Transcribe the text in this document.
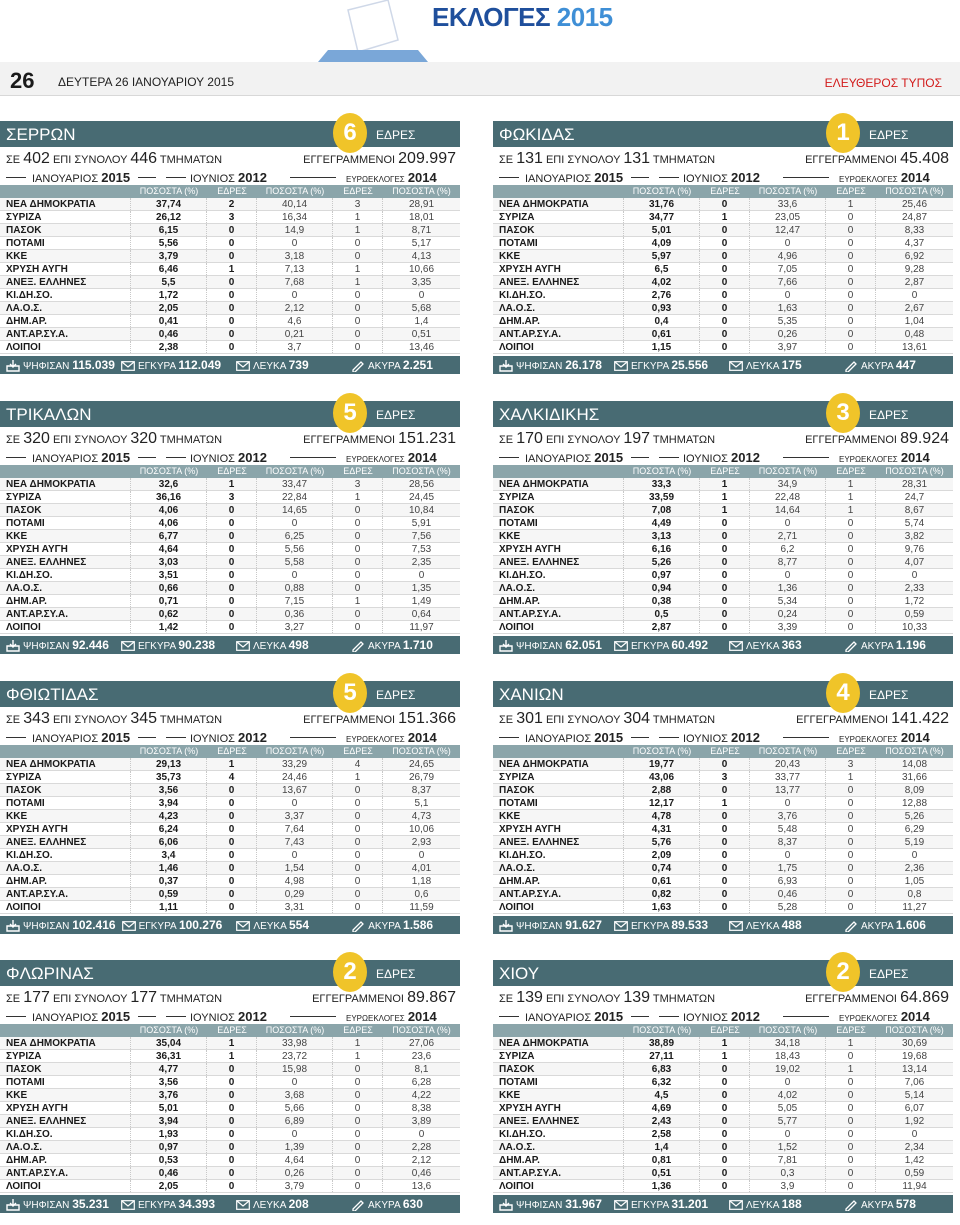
ΕΚΛΟΓΕΣ 2015
26 ΔΕΥΤΕΡΑ 26 ΙΑΝΟΥΑΡΙΟΥ 2015	ΕΛΕΥΘΕΡΟΣ ΤΥΠΟΣ
ΣΕΡΡΩΝ	6	ΕΔΡΕΣ
ΣΕ 402 ΕΠΙ ΣΥΝΟΛΟΥ 446 ΤΜΗΜΑΤΩΝ	ΕΓΓΕΓΡΑΜΜΕΝΟΙ 209.997
ΙΑΝΟΥΑΡΙΟΣ 2015	ΙΟΥΝΙΟΣ 2012	ΕΥΡΩΕΚΛΟΓΕΣ 2014
ΠΟΣΟΣΤΑ (%)	ΕΔΡΕΣ	ΠΟΣΟΣΤΑ (%)	ΕΔΡΕΣ	ΠΟΣΟΣΤΑ (%)
ΝΕΑ ΔΗΜΟΚΡΑΤΙΑ	37,74	2	40,14	3	28,91
ΣΥΡΙΖΑ	26,12	3	16,34	1	18,01
ΠΑΣΟΚ	6,15	0	14,9	1	8,71
ΠΟΤΑΜΙ	5,56	0	0	0	5,17
ΚΚΕ	3,79	0	3,18	0	4,13
ΧΡΥΣΗ ΑΥΓΗ	6,46	1	7,13	1	10,66
ΑΝΕΞ. ΕΛΛΗΝΕΣ	5,5	0	7,68	1	3,35
ΚΙ.ΔΗ.ΣΟ.	1,72	0	0	0	0
ΛΑ.Ο.Σ.	2,05	0	2,12	0	5,68
ΔΗΜ.ΑΡ.	0,41	0	4,6	0	1,4
ΑΝΤ.ΑΡ.ΣΥ.Α.	0,46	0	0,21	0	0,51
ΛΟΙΠΟΙ	2,38	0	3,7	0	13,46
ΨΗΦΙΣΑΝ 115.039	ΕΓΚΥΡΑ 112.049	ΛΕΥΚΑ 739	ΑΚΥΡΑ 2.251
ΦΩΚΙΔΑΣ	1	ΕΔΡΕΣ
ΣΕ 131 ΕΠΙ ΣΥΝΟΛΟΥ 131 ΤΜΗΜΑΤΩΝ	ΕΓΓΕΓΡΑΜΜΕΝΟΙ 45.408
ΙΑΝΟΥΑΡΙΟΣ 2015	ΙΟΥΝΙΟΣ 2012	ΕΥΡΩΕΚΛΟΓΕΣ 2014
ΠΟΣΟΣΤΑ (%)	ΕΔΡΕΣ	ΠΟΣΟΣΤΑ (%)	ΕΔΡΕΣ	ΠΟΣΟΣΤΑ (%)
ΝΕΑ ΔΗΜΟΚΡΑΤΙΑ	31,76	0	33,6	1	25,46
ΣΥΡΙΖΑ	34,77	1	23,05	0	24,87
ΠΑΣΟΚ	5,01	0	12,47	0	8,33
ΠΟΤΑΜΙ	4,09	0	0	0	4,37
ΚΚΕ	5,97	0	4,96	0	6,92
ΧΡΥΣΗ ΑΥΓΗ	6,5	0	7,05	0	9,28
ΑΝΕΞ. ΕΛΛΗΝΕΣ	4,02	0	7,66	0	2,87
ΚΙ.ΔΗ.ΣΟ.	2,76	0	0	0	0
ΛΑ.Ο.Σ.	0,93	0	1,63	0	2,67
ΔΗΜ.ΑΡ.	0,4	0	5,35	0	1,04
ΑΝΤ.ΑΡ.ΣΥ.Α.	0,61	0	0,26	0	0,48
ΛΟΙΠΟΙ	1,15	0	3,97	0	13,61
ΨΗΦΙΣΑΝ 26.178	ΕΓΚΥΡΑ 25.556	ΛΕΥΚΑ 175	ΑΚΥΡΑ 447
ΤΡΙΚΑΛΩΝ	5	ΕΔΡΕΣ
ΣΕ 320 ΕΠΙ ΣΥΝΟΛΟΥ 320 ΤΜΗΜΑΤΩΝ	ΕΓΓΕΓΡΑΜΜΕΝΟΙ 151.231
ΙΑΝΟΥΑΡΙΟΣ 2015	ΙΟΥΝΙΟΣ 2012	ΕΥΡΩΕΚΛΟΓΕΣ 2014
ΠΟΣΟΣΤΑ (%)	ΕΔΡΕΣ	ΠΟΣΟΣΤΑ (%)	ΕΔΡΕΣ	ΠΟΣΟΣΤΑ (%)
ΝΕΑ ΔΗΜΟΚΡΑΤΙΑ	32,6	1	33,47	3	28,56
ΣΥΡΙΖΑ	36,16	3	22,84	1	24,45
ΠΑΣΟΚ	4,06	0	14,65	0	10,84
ΠΟΤΑΜΙ	4,06	0	0	0	5,91
ΚΚΕ	6,77	0	6,25	0	7,56
ΧΡΥΣΗ ΑΥΓΗ	4,64	0	5,56	0	7,53
ΑΝΕΞ. ΕΛΛΗΝΕΣ	3,03	0	5,58	0	2,35
ΚΙ.ΔΗ.ΣΟ.	3,51	0	0	0	0
ΛΑ.Ο.Σ.	0,66	0	0,88	0	1,35
ΔΗΜ.ΑΡ.	0,71	0	7,15	1	1,49
ΑΝΤ.ΑΡ.ΣΥ.Α.	0,62	0	0,36	0	0,64
ΛΟΙΠΟΙ	1,42	0	3,27	0	11,97
ΨΗΦΙΣΑΝ 92.446	ΕΓΚΥΡΑ 90.238	ΛΕΥΚΑ 498	ΑΚΥΡΑ 1.710
ΧΑΛΚΙΔΙΚΗΣ	3	ΕΔΡΕΣ
ΣΕ 170 ΕΠΙ ΣΥΝΟΛΟΥ 197 ΤΜΗΜΑΤΩΝ	ΕΓΓΕΓΡΑΜΜΕΝΟΙ 89.924
ΙΑΝΟΥΑΡΙΟΣ 2015	ΙΟΥΝΙΟΣ 2012	ΕΥΡΩΕΚΛΟΓΕΣ 2014
ΠΟΣΟΣΤΑ (%)	ΕΔΡΕΣ	ΠΟΣΟΣΤΑ (%)	ΕΔΡΕΣ	ΠΟΣΟΣΤΑ (%)
ΝΕΑ ΔΗΜΟΚΡΑΤΙΑ	33,3	1	34,9	1	28,31
ΣΥΡΙΖΑ	33,59	1	22,48	1	24,7
ΠΑΣΟΚ	7,08	1	14,64	1	8,67
ΠΟΤΑΜΙ	4,49	0	0	0	5,74
ΚΚΕ	3,13	0	2,71	0	3,82
ΧΡΥΣΗ ΑΥΓΗ	6,16	0	6,2	0	9,76
ΑΝΕΞ. ΕΛΛΗΝΕΣ	5,26	0	8,77	0	4,07
ΚΙ.ΔΗ.ΣΟ.	0,97	0	0	0	0
ΛΑ.Ο.Σ.	0,94	0	1,36	0	2,33
ΔΗΜ.ΑΡ.	0,38	0	5,34	0	1,72
ΑΝΤ.ΑΡ.ΣΥ.Α.	0,5	0	0,24	0	0,59
ΛΟΙΠΟΙ	2,87	0	3,39	0	10,33
ΨΗΦΙΣΑΝ 62.051	ΕΓΚΥΡΑ 60.492	ΛΕΥΚΑ 363	ΑΚΥΡΑ 1.196
ΦΘΙΩΤΙΔΑΣ	5	ΕΔΡΕΣ
ΣΕ 343 ΕΠΙ ΣΥΝΟΛΟΥ 345 ΤΜΗΜΑΤΩΝ	ΕΓΓΕΓΡΑΜΜΕΝΟΙ 151.366
ΙΑΝΟΥΑΡΙΟΣ 2015	ΙΟΥΝΙΟΣ 2012	ΕΥΡΩΕΚΛΟΓΕΣ 2014
ΠΟΣΟΣΤΑ (%)	ΕΔΡΕΣ	ΠΟΣΟΣΤΑ (%)	ΕΔΡΕΣ	ΠΟΣΟΣΤΑ (%)
ΝΕΑ ΔΗΜΟΚΡΑΤΙΑ	29,13	1	33,29	4	24,65
ΣΥΡΙΖΑ	35,73	4	24,46	1	26,79
ΠΑΣΟΚ	3,56	0	13,67	0	8,37
ΠΟΤΑΜΙ	3,94	0	0	0	5,1
ΚΚΕ	4,23	0	3,37	0	4,73
ΧΡΥΣΗ ΑΥΓΗ	6,24	0	7,64	0	10,06
ΑΝΕΞ. ΕΛΛΗΝΕΣ	6,06	0	7,43	0	2,93
ΚΙ.ΔΗ.ΣΟ.	3,4	0	0	0	0
ΛΑ.Ο.Σ.	1,46	0	1,54	0	4,01
ΔΗΜ.ΑΡ.	0,37	0	4,98	0	1,18
ΑΝΤ.ΑΡ.ΣΥ.Α.	0,59	0	0,29	0	0,6
ΛΟΙΠΟΙ	1,11	0	3,31	0	11,59
ΨΗΦΙΣΑΝ 102.416	ΕΓΚΥΡΑ 100.276	ΛΕΥΚΑ 554	ΑΚΥΡΑ 1.586
ΧΑΝΙΩΝ	4	ΕΔΡΕΣ
ΣΕ 301 ΕΠΙ ΣΥΝΟΛΟΥ 304 ΤΜΗΜΑΤΩΝ	ΕΓΓΕΓΡΑΜΜΕΝΟΙ 141.422
ΙΑΝΟΥΑΡΙΟΣ 2015	ΙΟΥΝΙΟΣ 2012	ΕΥΡΩΕΚΛΟΓΕΣ 2014
ΠΟΣΟΣΤΑ (%)	ΕΔΡΕΣ	ΠΟΣΟΣΤΑ (%)	ΕΔΡΕΣ	ΠΟΣΟΣΤΑ (%)
ΝΕΑ ΔΗΜΟΚΡΑΤΙΑ	19,77	0	20,43	3	14,08
ΣΥΡΙΖΑ	43,06	3	33,77	1	31,66
ΠΑΣΟΚ	2,88	0	13,77	0	8,09
ΠΟΤΑΜΙ	12,17	1	0	0	12,88
ΚΚΕ	4,78	0	3,76	0	5,26
ΧΡΥΣΗ ΑΥΓΗ	4,31	0	5,48	0	6,29
ΑΝΕΞ. ΕΛΛΗΝΕΣ	5,76	0	8,37	0	5,19
ΚΙ.ΔΗ.ΣΟ.	2,09	0	0	0	0
ΛΑ.Ο.Σ.	0,74	0	1,75	0	2,36
ΔΗΜ.ΑΡ.	0,61	0	6,93	0	1,05
ΑΝΤ.ΑΡ.ΣΥ.Α.	0,82	0	0,46	0	0,8
ΛΟΙΠΟΙ	1,63	0	5,28	0	11,27
ΨΗΦΙΣΑΝ 91.627	ΕΓΚΥΡΑ 89.533	ΛΕΥΚΑ 488	ΑΚΥΡΑ 1.606
ΦΛΩΡΙΝΑΣ	2	ΕΔΡΕΣ
ΣΕ 177 ΕΠΙ ΣΥΝΟΛΟΥ 177 ΤΜΗΜΑΤΩΝ	ΕΓΓΕΓΡΑΜΜΕΝΟΙ 89.867
ΙΑΝΟΥΑΡΙΟΣ 2015	ΙΟΥΝΙΟΣ 2012	ΕΥΡΩΕΚΛΟΓΕΣ 2014
ΠΟΣΟΣΤΑ (%)	ΕΔΡΕΣ	ΠΟΣΟΣΤΑ (%)	ΕΔΡΕΣ	ΠΟΣΟΣΤΑ (%)
ΝΕΑ ΔΗΜΟΚΡΑΤΙΑ	35,04	1	33,98	1	27,06
ΣΥΡΙΖΑ	36,31	1	23,72	1	23,6
ΠΑΣΟΚ	4,77	0	15,98	0	8,1
ΠΟΤΑΜΙ	3,56	0	0	0	6,28
ΚΚΕ	3,76	0	3,68	0	4,22
ΧΡΥΣΗ ΑΥΓΗ	5,01	0	5,66	0	8,38
ΑΝΕΞ. ΕΛΛΗΝΕΣ	3,94	0	6,89	0	3,89
ΚΙ.ΔΗ.ΣΟ.	1,93	0	0	0	0
ΛΑ.Ο.Σ.	0,97	0	1,39	0	2,28
ΔΗΜ.ΑΡ.	0,53	0	4,64	0	2,12
ΑΝΤ.ΑΡ.ΣΥ.Α.	0,46	0	0,26	0	0,46
ΛΟΙΠΟΙ	2,05	0	3,79	0	13,6
ΨΗΦΙΣΑΝ 35.231	ΕΓΚΥΡΑ 34.393	ΛΕΥΚΑ 208	ΑΚΥΡΑ 630
ΧΙΟΥ	2	ΕΔΡΕΣ
ΣΕ 139 ΕΠΙ ΣΥΝΟΛΟΥ 139 ΤΜΗΜΑΤΩΝ	ΕΓΓΕΓΡΑΜΜΕΝΟΙ 64.869
ΙΑΝΟΥΑΡΙΟΣ 2015	ΙΟΥΝΙΟΣ 2012	ΕΥΡΩΕΚΛΟΓΕΣ 2014
ΠΟΣΟΣΤΑ (%)	ΕΔΡΕΣ	ΠΟΣΟΣΤΑ (%)	ΕΔΡΕΣ	ΠΟΣΟΣΤΑ (%)
ΝΕΑ ΔΗΜΟΚΡΑΤΙΑ	38,89	1	34,18	1	30,69
ΣΥΡΙΖΑ	27,11	1	18,43	0	19,68
ΠΑΣΟΚ	6,83	0	19,02	1	13,14
ΠΟΤΑΜΙ	6,32	0	0	0	7,06
ΚΚΕ	4,5	0	4,02	0	5,14
ΧΡΥΣΗ ΑΥΓΗ	4,69	0	5,05	0	6,07
ΑΝΕΞ. ΕΛΛΗΝΕΣ	2,43	0	5,77	0	1,92
ΚΙ.ΔΗ.ΣΟ.	2,58	0	0	0	0
ΛΑ.Ο.Σ.	1,4	0	1,52	0	2,34
ΔΗΜ.ΑΡ.	0,81	0	7,81	0	1,42
ΑΝΤ.ΑΡ.ΣΥ.Α.	0,51	0	0,3	0	0,59
ΛΟΙΠΟΙ	1,36	0	3,9	0	11,94
ΨΗΦΙΣΑΝ 31.967	ΕΓΚΥΡΑ 31.201	ΛΕΥΚΑ 188	ΑΚΥΡΑ 578
